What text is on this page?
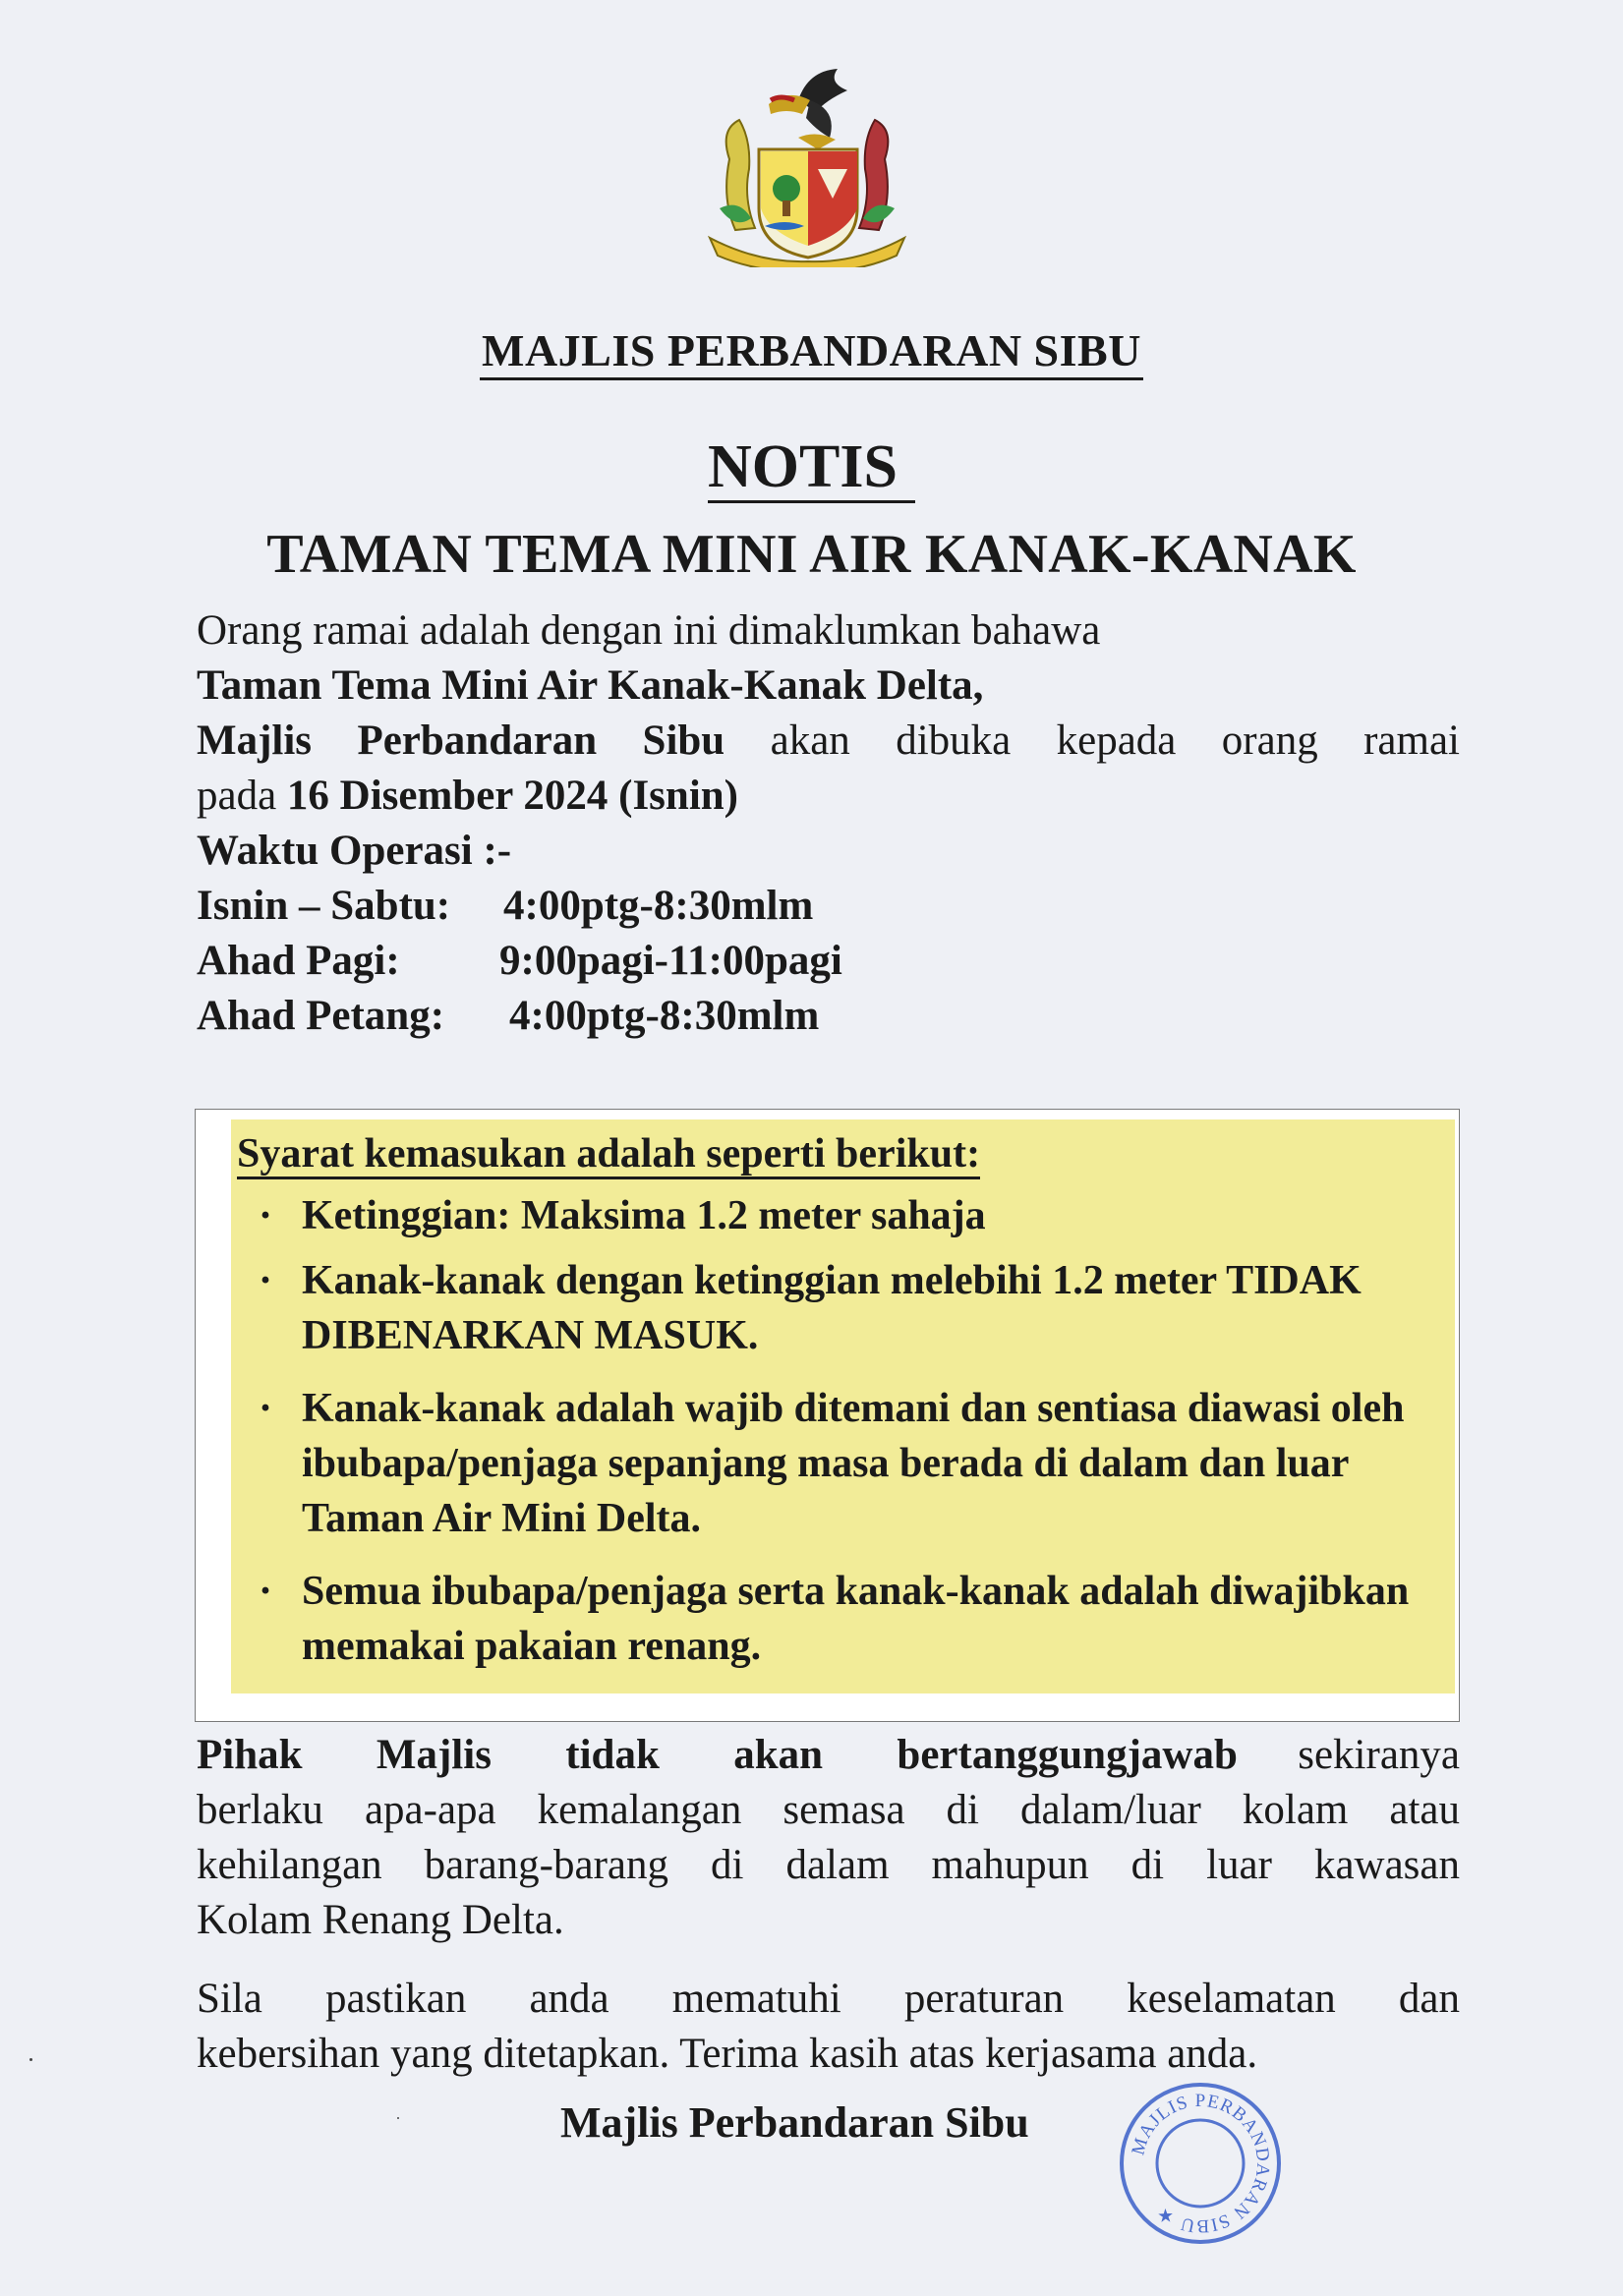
MAJLIS PERBANDARAN SIBU
NOTIS
TAMAN TEMA MINI AIR KANAK-KANAK

Orang ramai adalah dengan ini dimaklumkan bahawa

Taman Tema Mini Air Kanak-Kanak Delta,

Majlis Perbandaran Sibu akan dibuka kepada orang ramai

pada 16 Disember 2024 (Isnin)

Waktu Operasi :-
Isnin – Sabtu: 4:00ptg-8:30mlm
Ahad Pagi: 9:00pagi-11:00pagi
Ahad Petang: 4:00ptg-8:30mlm
Syarat kemasukan adalah seperti berikut:
· Ketinggian: Maksima 1.2 meter sahaja
· Kanak-kanak dengan ketinggian melebihi 1.2 meter TIDAK DIBENARKAN MASUK.
· Kanak-kanak adalah wajib ditemani dan sentiasa diawasi oleh ibubapa/penjaga sepanjang masa berada di dalam dan luar Taman Air Mini Delta.
· Semua ibubapa/penjaga serta kanak-kanak adalah diwajibkan memakai pakaian renang.

Pihak Majlis tidak akan bertanggungjawab sekiranya

berlaku apa-apa kemalangan semasa di dalam/luar kolam atau

kehilangan barang-barang di dalam mahupun di luar kawasan

Kolam Renang Delta.

Sila pastikan anda mematuhi peraturan keselamatan dan

kebersihan yang ditetapkan. Terima kasih atas kerjasama anda.

Majlis Perbandaran Sibu	MAJLIS PERBANDARAN SIBU ★
